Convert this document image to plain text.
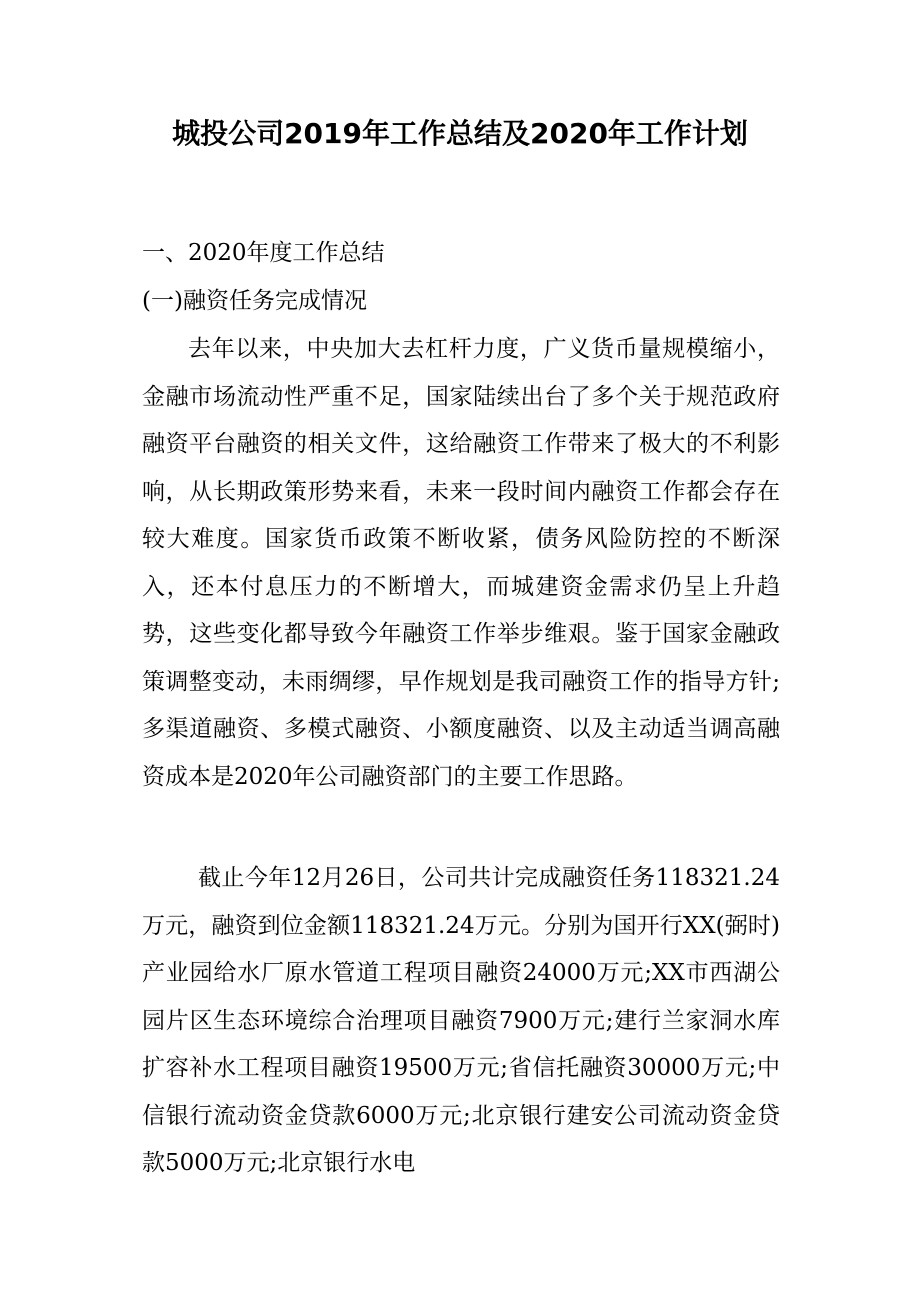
城投公司2019年工作总结及2020年工作计划

一、2020年度工作总结

(一)融资任务完成情况

去年以来，中央加大去杠杆力度，广义货币量规模缩小，金融市场流动性严重不足，国家陆续出台了多个关于规范政府融资平台融资的相关文件，这给融资工作带来了极大的不利影响，从长期政策形势来看，未来一段时间内融资工作都会存在较大难度。国家货币政策不断收紧，债务风险防控的不断深入，还本付息压力的不断增大，而城建资金需求仍呈上升趋势，这些变化都导致今年融资工作举步维艰。鉴于国家金融政策调整变动，未雨绸缪，早作规划是我司融资工作的指导方针;多渠道融资、多模式融资、小额度融资、以及主动适当调高融资成本是2020年公司融资部门的主要工作思路。

截止今年12月26日，公司共计完成融资任务118321.24万元，融资到位金额118321.24万元。分别为国开行XX(弼时)产业园给水厂原水管道工程项目融资24000万元;XX市西湖公园片区生态环境综合治理项目融资7900万元;建行兰家洞水库扩容补水工程项目融资19500万元;省信托融资30000万元;中信银行流动资金贷款6000万元;北京银行建安公司流动资金贷款5000万元;北京银行水电
